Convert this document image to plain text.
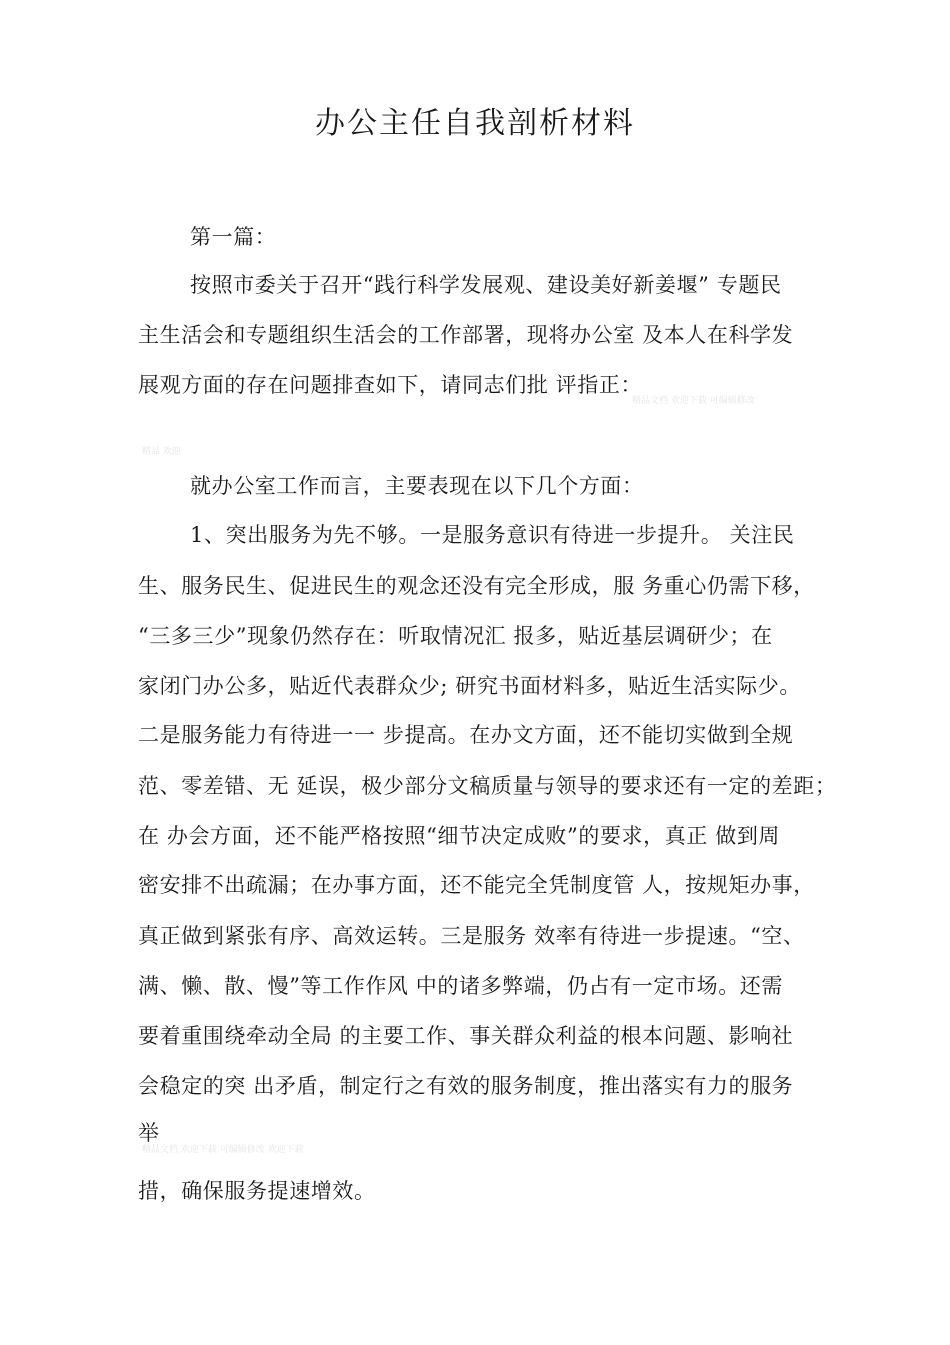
办公主任自我剖析材料
第一篇：
按照市委关于召开“践行科学发展观、建设美好新姜堰” 专题民
主生活会和专题组织生活会的工作部署，现将办公室 及本人在科学发
展观方面的存在问题排查如下，请同志们批 评指正：
精品文档 欢迎下载 可编辑修改
精品 欢迎
就办公室工作而言，主要表现在以下几个方面：
1、突出服务为先不够。一是服务意识有待进一步提升。 关注民
生、服务民生、促进民生的观念还没有完全形成，服 务重心仍需下移，
“三多三少”现象仍然存在：听取情况汇 报多，贴近基层调研少；在
家闭门办公多，贴近代表群众少; 研究书面材料多，贴近生活实际少。
二是服务能力有待进一一 步提高。在办文方面，还不能切实做到全规
范、零差错、无 延误，极少部分文稿质量与领导的要求还有一定的差距；
在 办会方面，还不能严格按照“细节决定成败”的要求，真正 做到周
密安排不出疏漏；在办事方面，还不能完全凭制度管 人，按规矩办事，
真正做到紧张有序、高效运转。三是服务 效率有待进一步提速。“空、
满、懒、散、慢”等工作作风 中的诸多弊端，仍占有一定市场。还需
要着重围绕牵动全局 的主要工作、事关群众利益的根本问题、影响社
会稳定的突 出矛盾，制定行之有效的服务制度，推出落实有力的服务
举
精品文档 欢迎下载 可编辑修改 欢迎下载
措，确保服务提速增效。
